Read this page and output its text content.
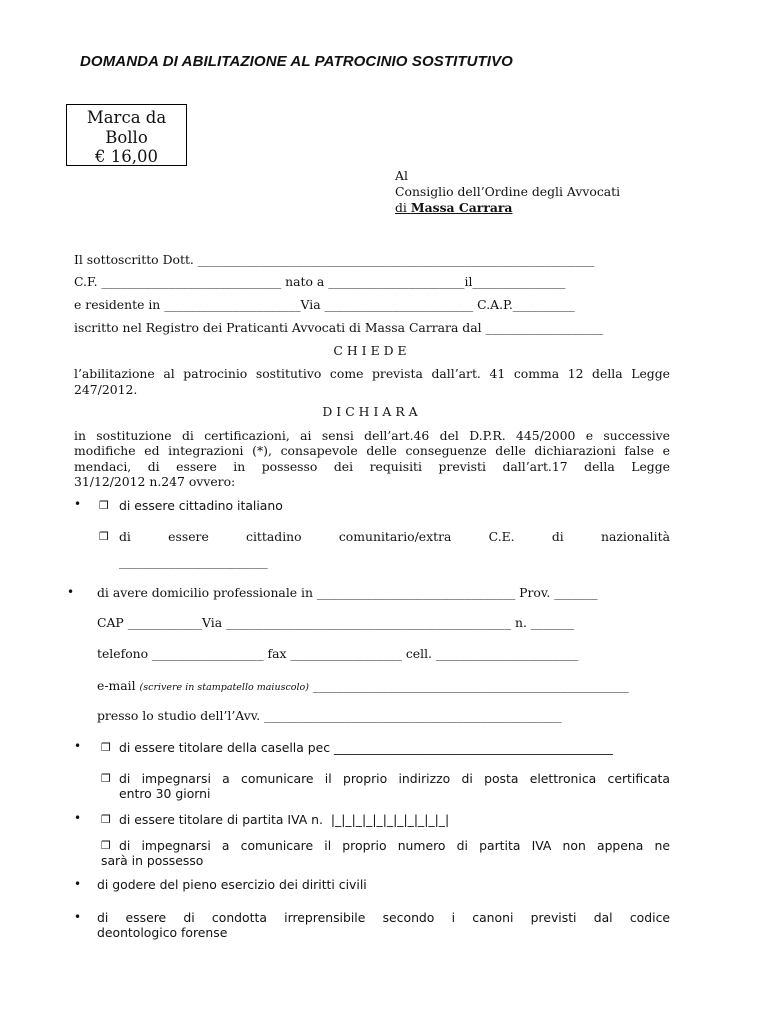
DOMANDA DI ABILITAZIONE AL PATROCINIO SOSTITUTIVO
Marca da
Bollo
€ 16,00
Al
Consiglio dell’Ordine degli Avvocati
di Massa Carrara
Il sottoscritto Dott. ________________________________________________________________
C.F. _____________________________ nato a ______________________il_______________
e residente in ______________________Via ________________________ C.A.P.__________
iscritto nel Registro dei Praticanti Avvocati di Massa Carrara dal ___________________
CHIEDE
l’abilitazione al patrocinio sostitutivo come prevista dall’art. 41 comma 12 della Legge
247/2012.
DICHIARA
in sostituzione di certificazioni, ai sensi dell’art.46 del D.P.R. 445/2000 e successive
modifiche ed integrazioni (*), consapevole delle conseguenze delle dichiarazioni false e
mendaci, di essere in possesso dei requisiti previsti dall’art.17 della Legge
31/12/2012 n.247 ovvero:
• ❒ di essere cittadino italiano
❒ di	essere	cittadino	comunitario/extra	C.E.	di	nazionalità
________________________
• di avere domicilio professionale in ________________________________ Prov. _______
CAP ____________Via ______________________________________________ n. _______
telefono __________________ fax __________________ cell. _______________________
e-mail (scrivere in stampatello maiuscolo) ___________________________________________________
presso lo studio dell’l’Avv. ________________________________________________
• ❒ di essere titolare della casella pec _____________________________________________
❒ di impegnarsi a comunicare il proprio indirizzo di posta elettronica certificata
entro 30 giorni
• ❒ di essere titolare di partita IVA n. |_|_|_|_|_|_|_|_|_|_|_|
❒ di impegnarsi a comunicare il proprio numero di partita IVA non appena ne
sarà in possesso
• di godere del pieno esercizio dei diritti civili
• di essere di condotta irreprensibile secondo i canoni previsti dal codice
deontologico forense
